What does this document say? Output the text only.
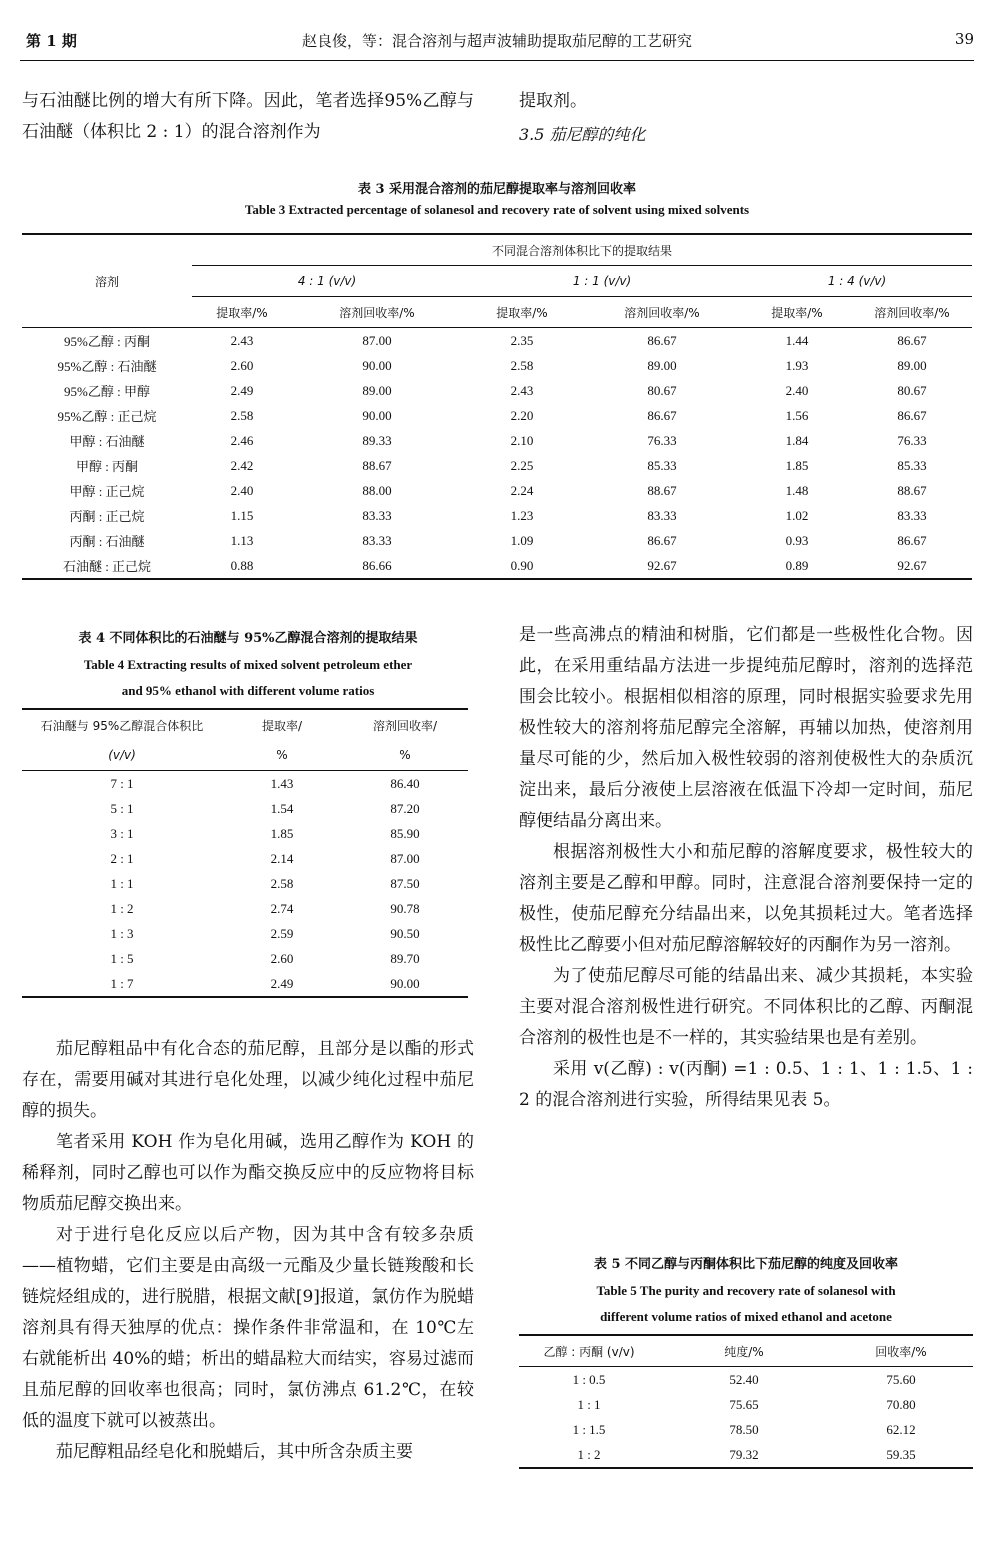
第 1 期	赵良俊，等：混合溶剂与超声波辅助提取茄尼醇的工艺研究	39

与石油醚比例的增大有所下降。因此，笔者选择95%乙醇与石油醚（体积比 2 : 1）的混合溶剂作为

提取剂。

3.5 茄尼醇的纯化
表 3 采用混合溶剂的茄尼醇提取率与溶剂回收率
Table 3 Extracted percentage of solanesol and recovery rate of solvent using mixed solvents
溶剂	不同混合溶剂体积比下的提取结果					
	4 : 1 (v/v)		1 : 1 (v/v)		1 : 4 (v/v)	
	提取率/%	溶剂回收率/%	提取率/%	溶剂回收率/%	提取率/%	溶剂回收率/%
95%乙醇 : 丙酮	2.43	87.00	2.35	86.67	1.44	86.67
95%乙醇 : 石油醚	2.60	90.00	2.58	89.00	1.93	89.00
95%乙醇 : 甲醇	2.49	89.00	2.43	80.67	2.40	80.67
95%乙醇 : 正己烷	2.58	90.00	2.20	86.67	1.56	86.67
甲醇 : 石油醚	2.46	89.33	2.10	76.33	1.84	76.33
甲醇 : 丙酮	2.42	88.67	2.25	85.33	1.85	85.33
甲醇 : 正己烷	2.40	88.00	2.24	88.67	1.48	88.67
丙酮 : 正己烷	1.15	83.33	1.23	83.33	1.02	83.33
丙酮 : 石油醚	1.13	83.33	1.09	86.67	0.93	86.67
石油醚 : 正己烷	0.88	86.66	0.90	92.67	0.89	92.67
表 4 不同体积比的石油醚与 95%乙醇混合溶剂的提取结果
Table 4 Extracting results of mixed solvent petroleum ether
and 95% ethanol with different volume ratios
石油醚与 95%乙醇混合体积比	提取率/	溶剂回收率/
(v/v)	%	%
7 : 1	1.43	86.40
5 : 1	1.54	87.20
3 : 1	1.85	85.90
2 : 1	2.14	87.00
1 : 1	2.58	87.50
1 : 2	2.74	90.78
1 : 3	2.59	90.50
1 : 5	2.60	89.70
1 : 7	2.49	90.00

茄尼醇粗品中有化合态的茄尼醇，且部分是以酯的形式存在，需要用碱对其进行皂化处理，以减少纯化过程中茄尼醇的损失。

笔者采用 KOH 作为皂化用碱，选用乙醇作为 KOH 的稀释剂，同时乙醇也可以作为酯交换反应中的反应物将目标物质茄尼醇交换出来。

对于进行皂化反应以后产物，因为其中含有较多杂质——植物蜡，它们主要是由高级一元酯及少量长链羧酸和长链烷烃组成的，进行脱腊，根据文献[9]报道，氯仿作为脱蜡溶剂具有得天独厚的优点：操作条件非常温和，在 10℃左右就能析出 40%的蜡；析出的蜡晶粒大而结实，容易过滤而且茄尼醇的回收率也很高；同时，氯仿沸点 61.2℃，在较低的温度下就可以被蒸出。

茄尼醇粗品经皂化和脱蜡后，其中所含杂质主要

是一些高沸点的精油和树脂，它们都是一些极性化合物。因此，在采用重结晶方法进一步提纯茄尼醇时，溶剂的选择范围会比较小。根据相似相溶的原理，同时根据实验要求先用极性较大的溶剂将茄尼醇完全溶解，再辅以加热，使溶剂用量尽可能的少，然后加入极性较弱的溶剂使极性大的杂质沉淀出来，最后分液使上层溶液在低温下冷却一定时间，茄尼醇便结晶分离出来。

根据溶剂极性大小和茄尼醇的溶解度要求，极性较大的溶剂主要是乙醇和甲醇。同时，注意混合溶剂要保持一定的极性，使茄尼醇充分结晶出来，以免其损耗过大。笔者选择极性比乙醇要小但对茄尼醇溶解较好的丙酮作为另一溶剂。

为了使茄尼醇尽可能的结晶出来、减少其损耗，本实验主要对混合溶剂极性进行研究。不同体积比的乙醇、丙酮混合溶剂的极性也是不一样的，其实验结果也是有差别。

采用 v(乙醇) : v(丙酮) =1 : 0.5、1 : 1、1 : 1.5、1 : 2 的混合溶剂进行实验，所得结果见表 5。

表 5 不同乙醇与丙酮体积比下茄尼醇的纯度及回收率
Table 5 The purity and recovery rate of solanesol with
different volume ratios of mixed ethanol and acetone
乙醇 : 丙酮 (v/v)	纯度/%	回收率/%
1 : 0.5	52.40	75.60
1 : 1	75.65	70.80
1 : 1.5	78.50	62.12
1 : 2	79.32	59.35
